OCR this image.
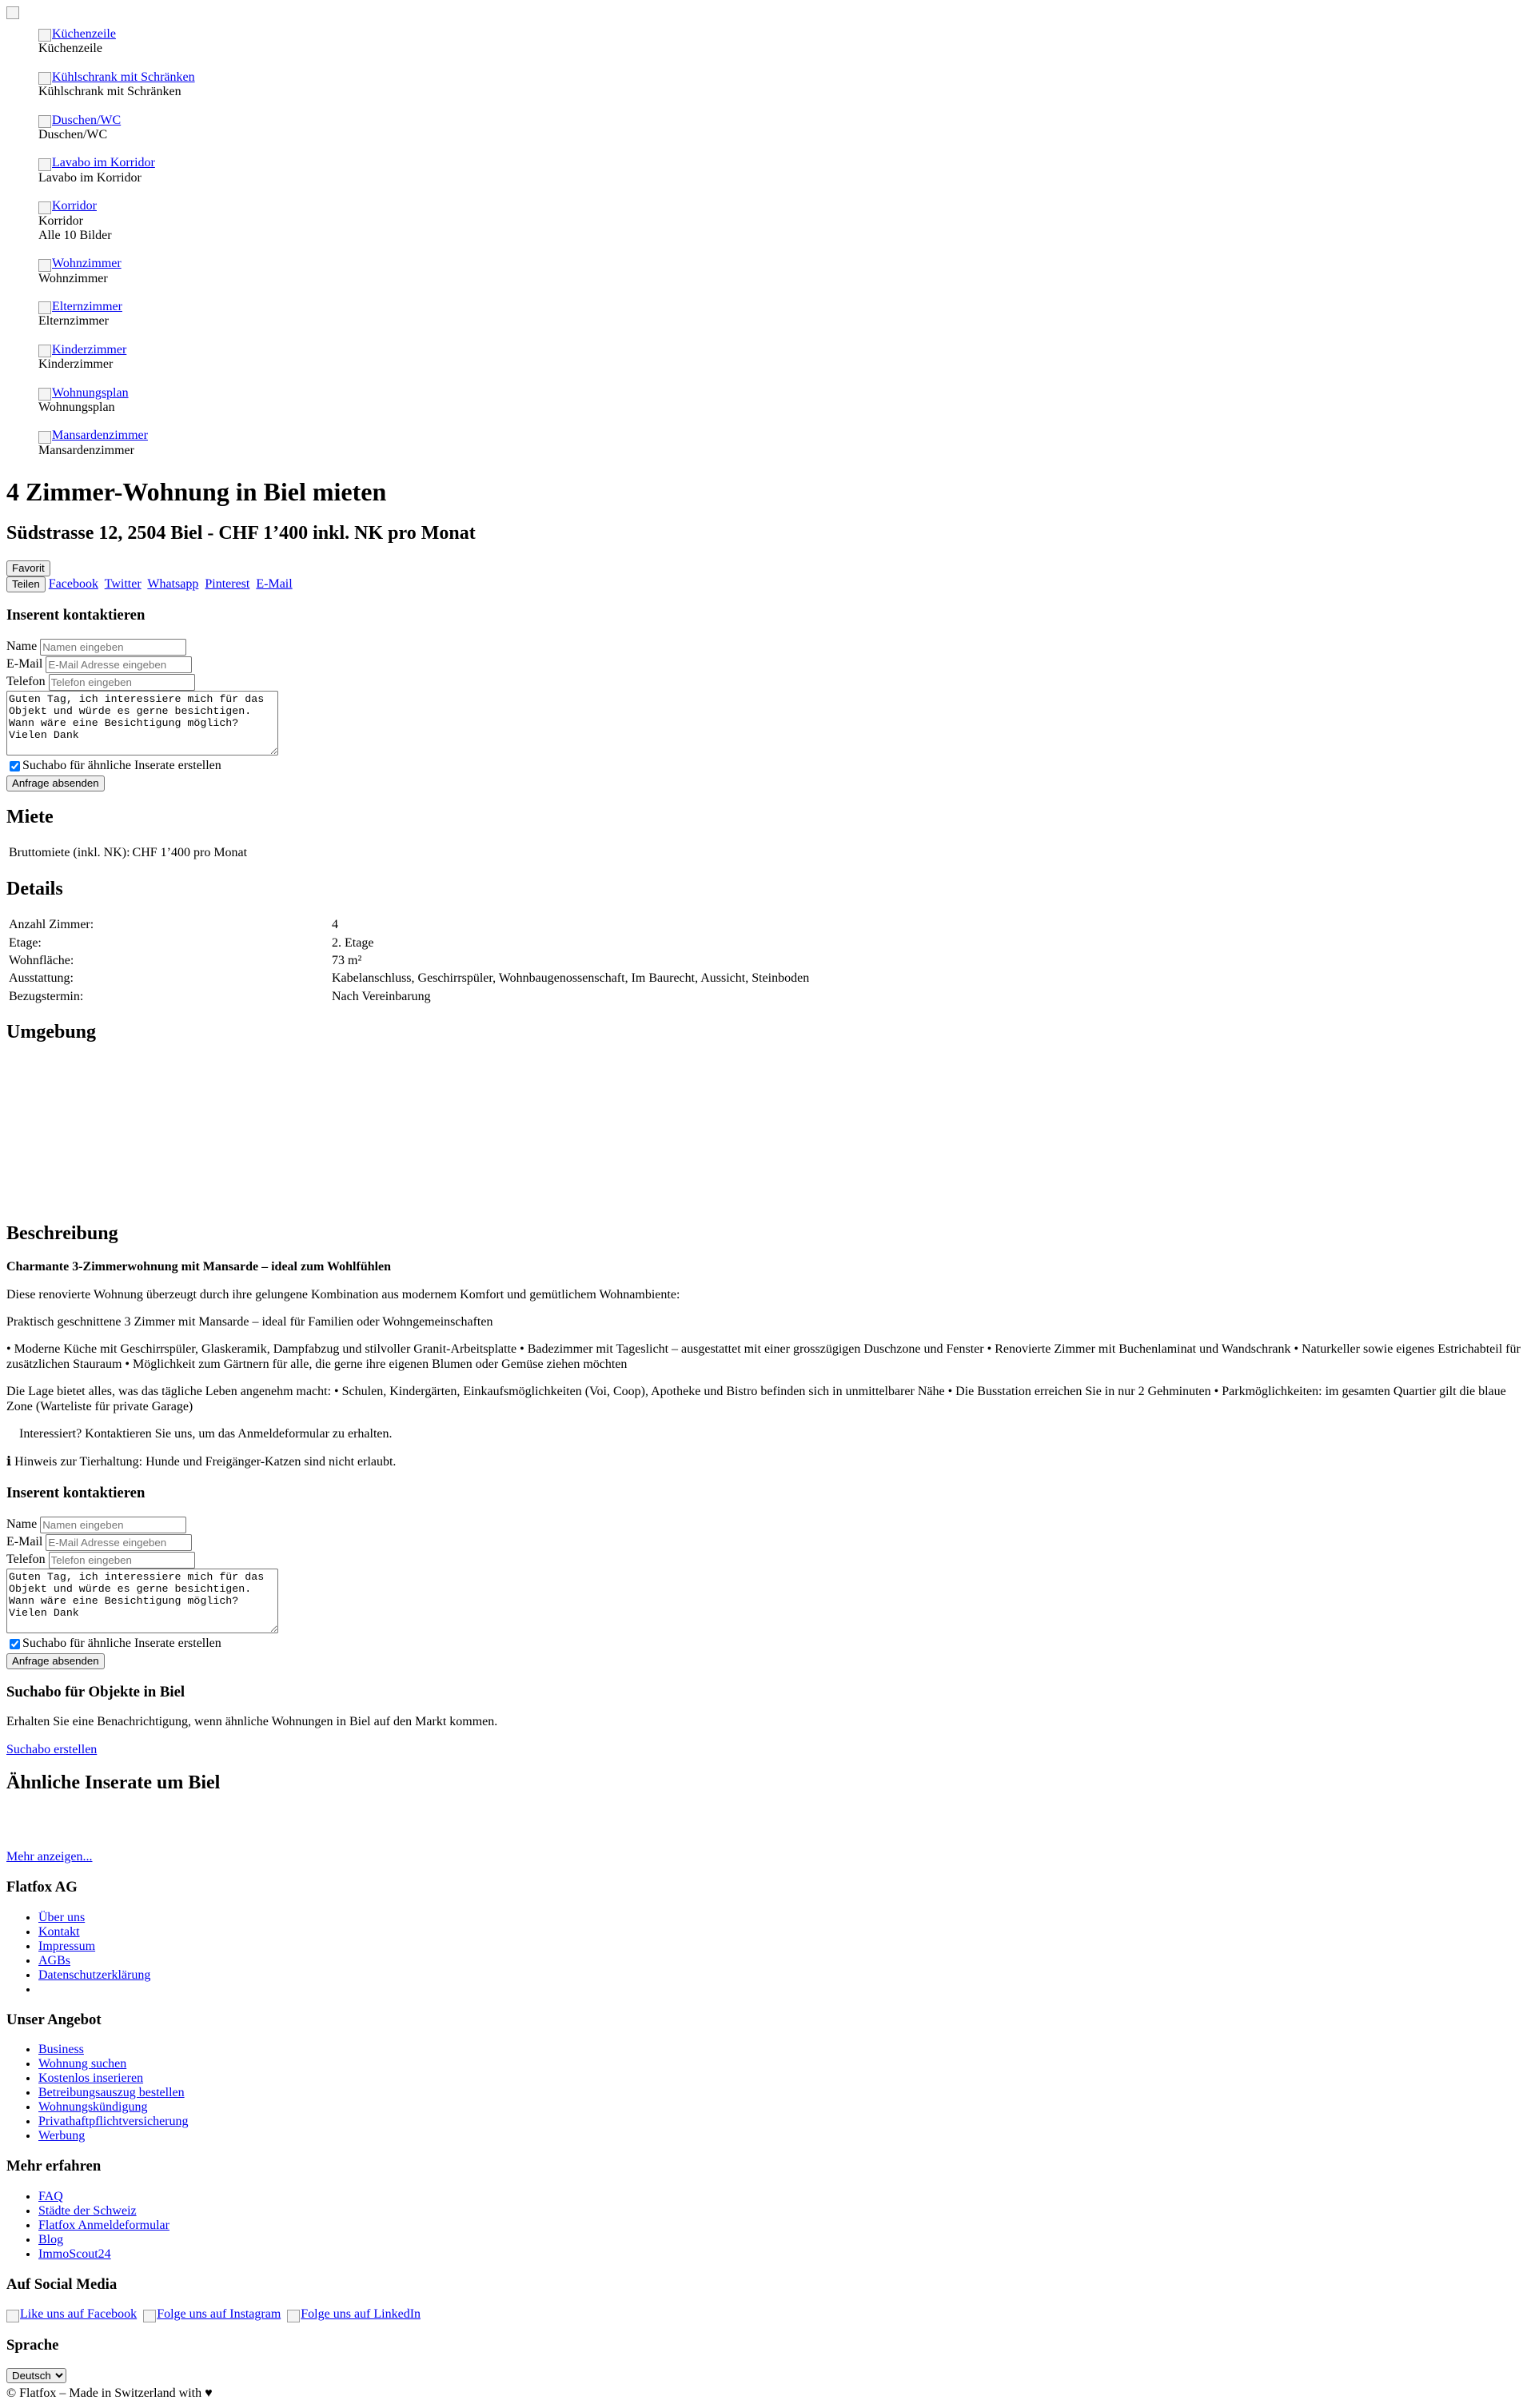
Küchenzeile
Küchenzeile
Kühlschrank mit Schränken
Kühlschrank mit Schränken
Duschen/WC
Duschen/WC
Lavabo im Korridor
Lavabo im Korridor
Korridor
Korridor
Alle 10 Bilder
Wohnzimmer
Wohnzimmer
Elternzimmer
Elternzimmer
Kinderzimmer
Kinderzimmer
Wohnungsplan
Wohnungsplan
Mansardenzimmer
Mansardenzimmer
4 Zimmer-Wohnung in Biel mieten
Südstrasse 12, 2504 Biel - CHF 1’400 inkl. NK pro Monat
Favorit
Teilen Facebook Twitter Whatsapp Pinterest E-Mail
Inserent kontaktieren
Name Namen eingeben
E-Mail E-Mail Adresse eingeben
Telefon Telefon eingeben
Guten Tag, ich interessiere mich für das Objekt und würde es gerne besichtigen. Wann wäre eine Besichtigung möglich? Vielen Dank
Suchabo für ähnliche Inserate erstellen
Anfrage absenden
Miete
Bruttomiete (inkl. NK):	CHF 1’400 pro Monat
Details
Anzahl Zimmer:	4
Etage:	2. Etage
Wohnfläche:	73 m²
Ausstattung:	Kabelanschluss, Geschirrspüler, Wohnbaugenossenschaft, Im Baurecht, Aussicht, Steinboden
Bezugstermin:	Nach Vereinbarung
Umgebung
Beschreibung

Charmante 3-Zimmerwohnung mit Mansarde – ideal zum Wohlfühlen

Diese renovierte Wohnung überzeugt durch ihre gelungene Kombination aus modernem Komfort und gemütlichem Wohnambiente:

Praktisch geschnittene 3 Zimmer mit Mansarde – ideal für Familien oder Wohngemeinschaften

• Moderne Küche mit Geschirrspüler, Glaskeramik, Dampfabzug und stilvoller Granit-Arbeitsplatte • Badezimmer mit Tageslicht – ausgestattet mit einer grosszügigen Duschzone und Fenster • Renovierte Zimmer mit Buchenlaminat und Wandschrank • Naturkeller sowie eigenes Estrichabteil für zusätzlichen Stauraum • Möglichkeit zum Gärtnern für alle, die gerne ihre eigenen Blumen oder Gemüse ziehen möchten

Die Lage bietet alles, was das tägliche Leben angenehm macht: • Schulen, Kindergärten, Einkaufsmöglichkeiten (Voi, Coop), Apotheke und Bistro befinden sich in unmittelbarer Nähe • Die Busstation erreichen Sie in nur 2 Gehminuten • Parkmöglichkeiten: im gesamten Quartier gilt die blaue Zone (Warteliste für private Garage)

Interessiert? Kontaktieren Sie uns, um das Anmeldeformular zu erhalten.

ℹ Hinweis zur Tierhaltung: Hunde und Freigänger-Katzen sind nicht erlaubt.

Inserent kontaktieren
Name Namen eingeben
E-Mail E-Mail Adresse eingeben
Telefon Telefon eingeben
Guten Tag, ich interessiere mich für das Objekt und würde es gerne besichtigen. Wann wäre eine Besichtigung möglich? Vielen Dank
Suchabo für ähnliche Inserate erstellen
Anfrage absenden
Suchabo für Objekte in Biel

Erhalten Sie eine Benachrichtigung, wenn ähnliche Wohnungen in Biel auf den Markt kommen.

Suchabo erstellen

Ähnliche Inserate um Biel

Mehr anzeigen...

Flatfox AG
• Über uns
• Kontakt
• Impressum
• AGBs
• Datenschutzerklärung
•
Unser Angebot
• Business
• Wohnung suchen
• Kostenlos inserieren
• Betreibungsauszug bestellen
• Wohnungskündigung
• Privathaftpflichtversicherung
• Werbung
Mehr erfahren
• FAQ
• Städte der Schweiz
• Flatfox Anmeldeformular
• Blog
• ImmoScout24
Auf Social Media

Like uns auf Facebook Folge uns auf Instagram Folge uns auf LinkedIn

Sprache
Deutsch
© Flatfox – Made in Switzerland with ♥
